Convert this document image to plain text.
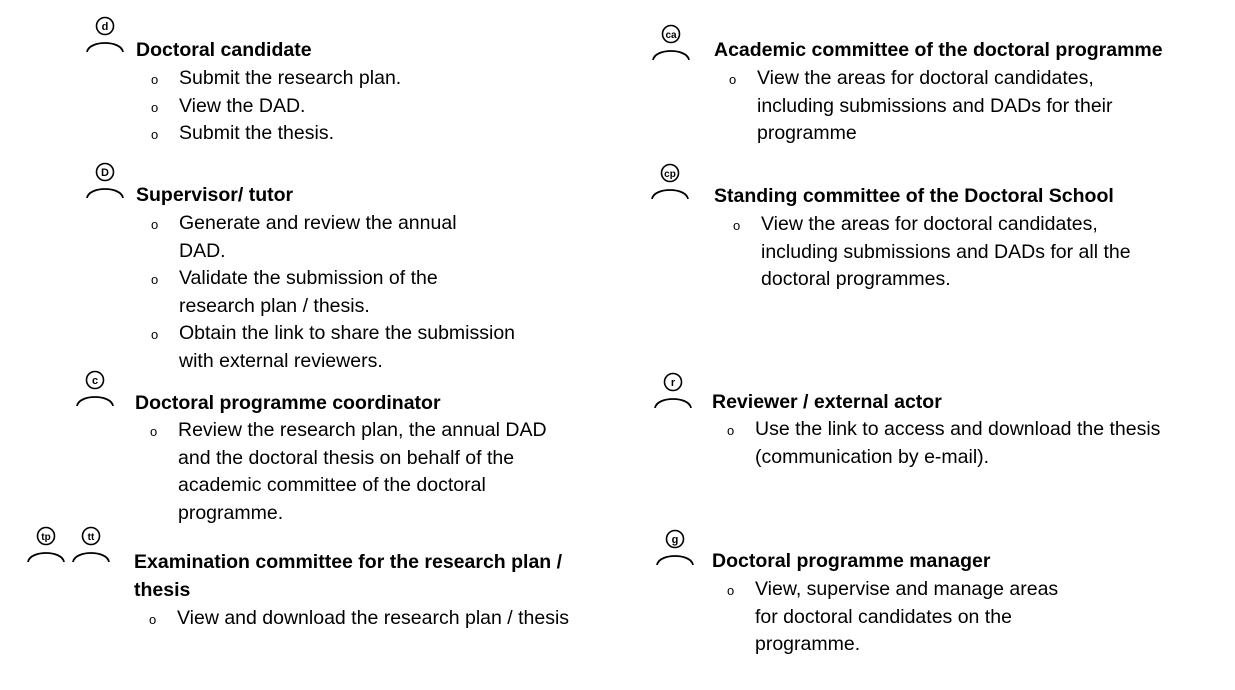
d
Doctoral candidate
o Submit the research plan.
o View the DAD.
o Submit the thesis.
D
Supervisor/ tutor
o Generate and review the annual DAD.
o Validate the submission of the research plan / thesis.
o Obtain the link to share the submission with external reviewers.
c
Doctoral programme coordinator
o Review the research plan, the annual DAD and the doctoral thesis on behalf of the academic committee of the doctoral programme.
tp	tt
Examination committee for the research plan / thesis
o View and download the research plan / thesis
ca
Academic committee of the doctoral programme
o View the areas for doctoral candidates, including submissions and DADs for their programme
cp
Standing committee of the Doctoral School
o View the areas for doctoral candidates, including submissions and DADs for all the doctoral programmes.
r
Reviewer / external actor
o Use the link to access and download the thesis (communication by e-mail).
g
Doctoral programme manager
o View, supervise and manage areas for doctoral candidates on the programme.
